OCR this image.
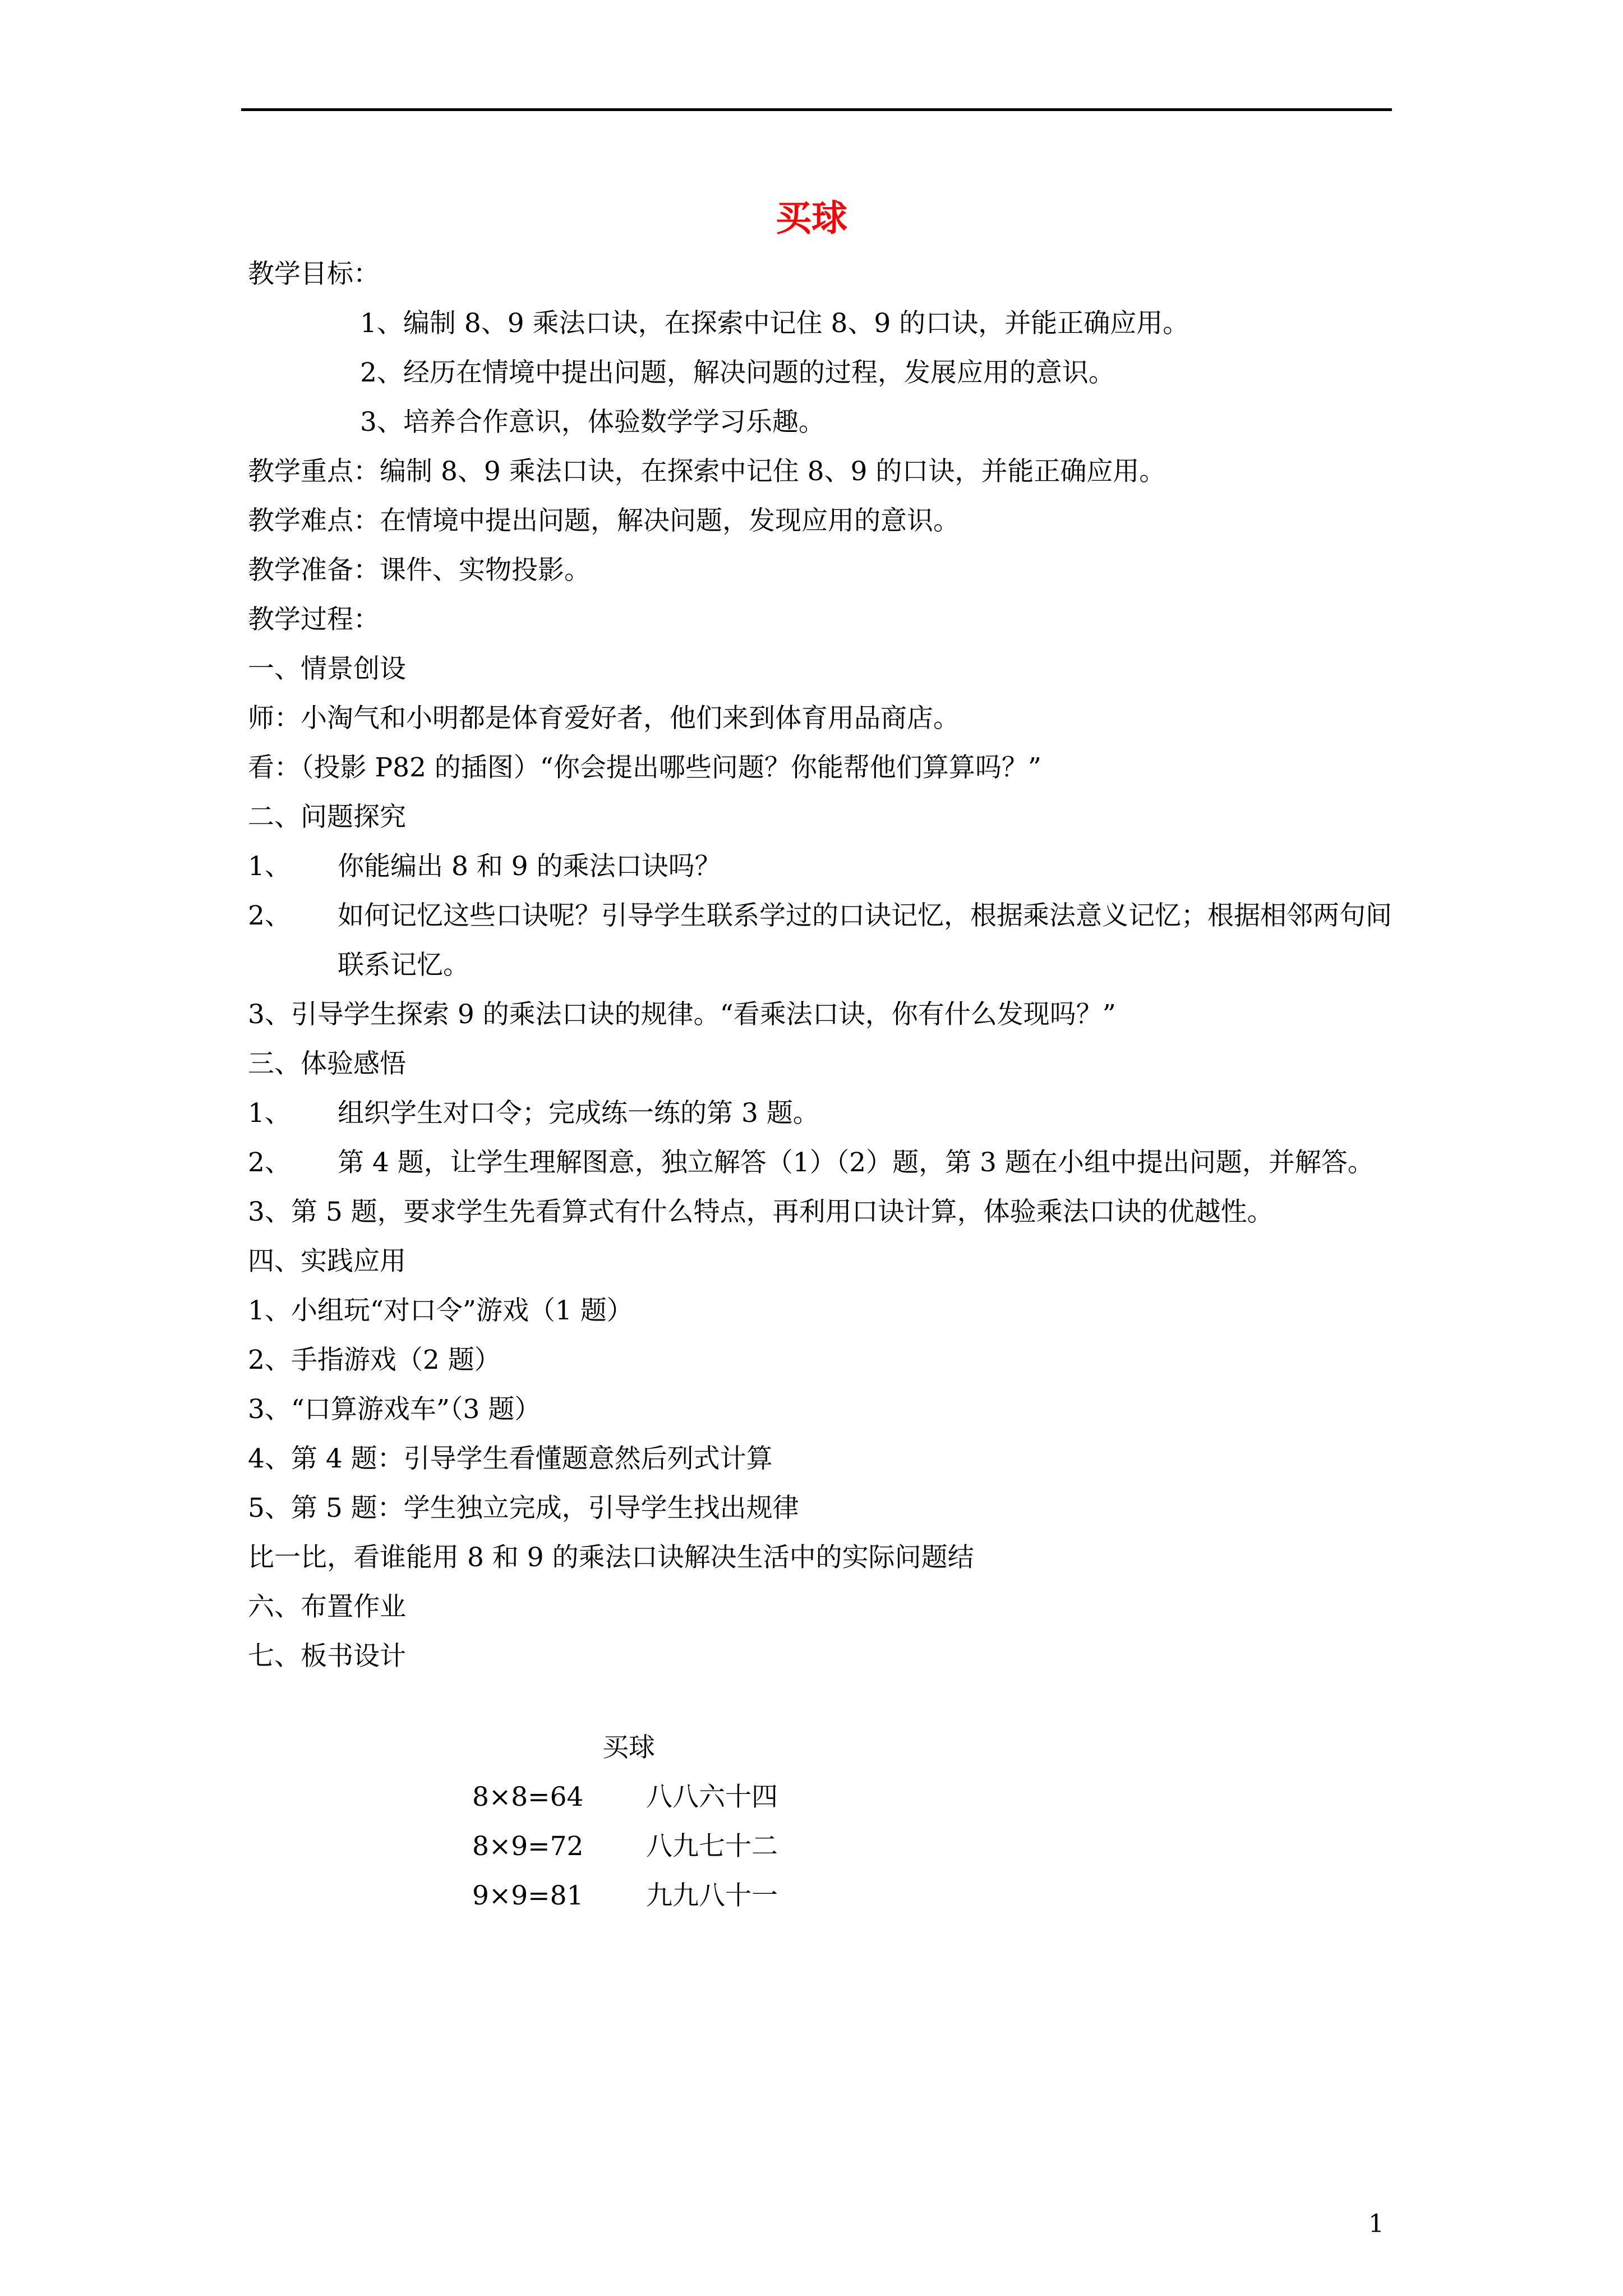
买球
教学目标：
1、编制 8、9 乘法口诀，在探索中记住 8、9 的口诀，并能正确应用。
2、经历在情境中提出问题，解决问题的过程，发展应用的意识。
3、培养合作意识，体验数学学习乐趣。
教学重点：编制 8、9 乘法口诀，在探索中记住 8、9 的口诀，并能正确应用。
教学难点：在情境中提出问题，解决问题，发现应用的意识。
教学准备：课件、实物投影。
教学过程：
一、情景创设
师：小淘气和小明都是体育爱好者，他们来到体育用品商店。
看：（投影 P82 的插图）“你会提出哪些问题？你能帮他们算算吗？”
二、问题探究
1、	你能编出 8 和 9 的乘法口诀吗？
2、	如何记忆这些口诀呢？引导学生联系学过的口诀记忆，根据乘法意义记忆；根据相邻两句间联系记忆。
3、引导学生探索 9 的乘法口诀的规律。“看乘法口诀，你有什么发现吗？”
三、体验感悟
1、	组织学生对口令；完成练一练的第 3 题。
2、	第 4 题，让学生理解图意，独立解答（1）（2）题，第 3 题在小组中提出问题，并解答。
3、第 5 题，要求学生先看算式有什么特点，再利用口诀计算，体验乘法口诀的优越性。
四、实践应用
1、小组玩“对口令”游戏（1 题）
2、手指游戏（2 题）
3、“口算游戏车”（3 题）
4、第 4 题：引导学生看懂题意然后列式计算
5、第 5 题：学生独立完成，引导学生找出规律
比一比，看谁能用 8 和 9 的乘法口诀解决生活中的实际问题结
六、布置作业
七、板书设计
买球
8×8=64	八八六十四
8×9=72	八九七十二
9×9=81	九九八十一
1
